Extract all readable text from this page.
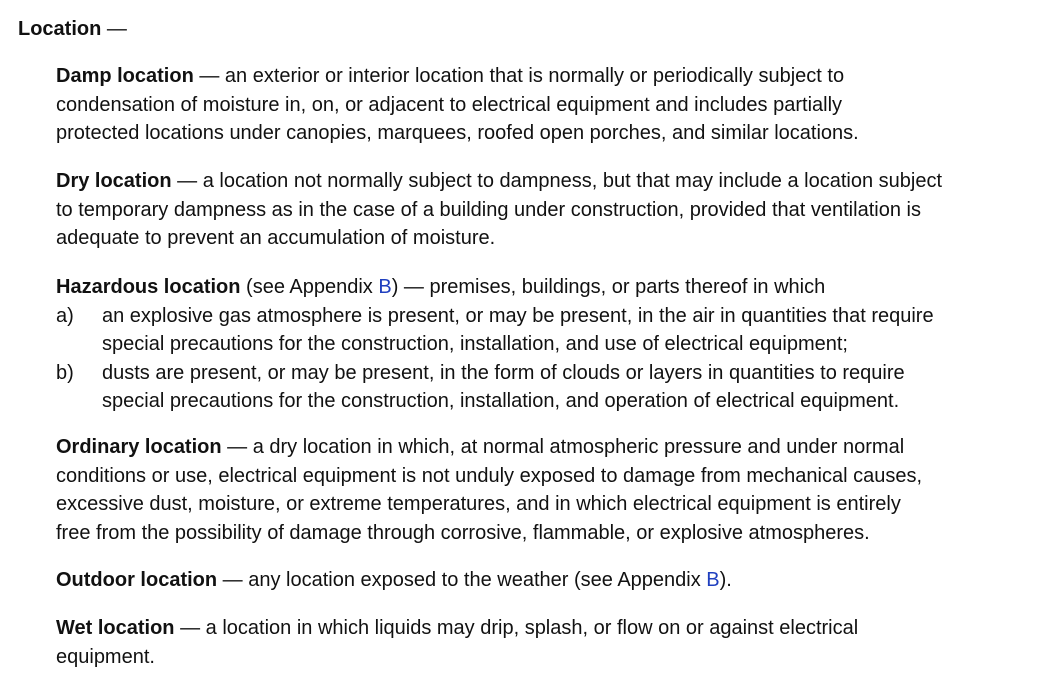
Location —

Damp location — an exterior or interior location that is normally or periodically subject to
condensation of moisture in, on, or adjacent to electrical equipment and includes partially
protected locations under canopies, marquees, roofed open porches, and similar locations.

Dry location — a location not normally subject to dampness, but that may include a location subject
to temporary dampness as in the case of a building under construction, provided that ventilation is
adequate to prevent an accumulation of moisture.

Hazardous location (see Appendix B) — premises, buildings, or parts thereof in which

a) an explosive gas atmosphere is present, or may be present, in the air in quantities that require
special precautions for the construction, installation, and use of electrical equipment;
b) dusts are present, or may be present, in the form of clouds or layers in quantities to require
special precautions for the construction, installation, and operation of electrical equipment.

Ordinary location — a dry location in which, at normal atmospheric pressure and under normal
conditions or use, electrical equipment is not unduly exposed to damage from mechanical causes,
excessive dust, moisture, or extreme temperatures, and in which electrical equipment is entirely
free from the possibility of damage through corrosive, flammable, or explosive atmospheres.

Outdoor location — any location exposed to the weather (see Appendix B).

Wet location — a location in which liquids may drip, splash, or flow on or against electrical
equipment.
